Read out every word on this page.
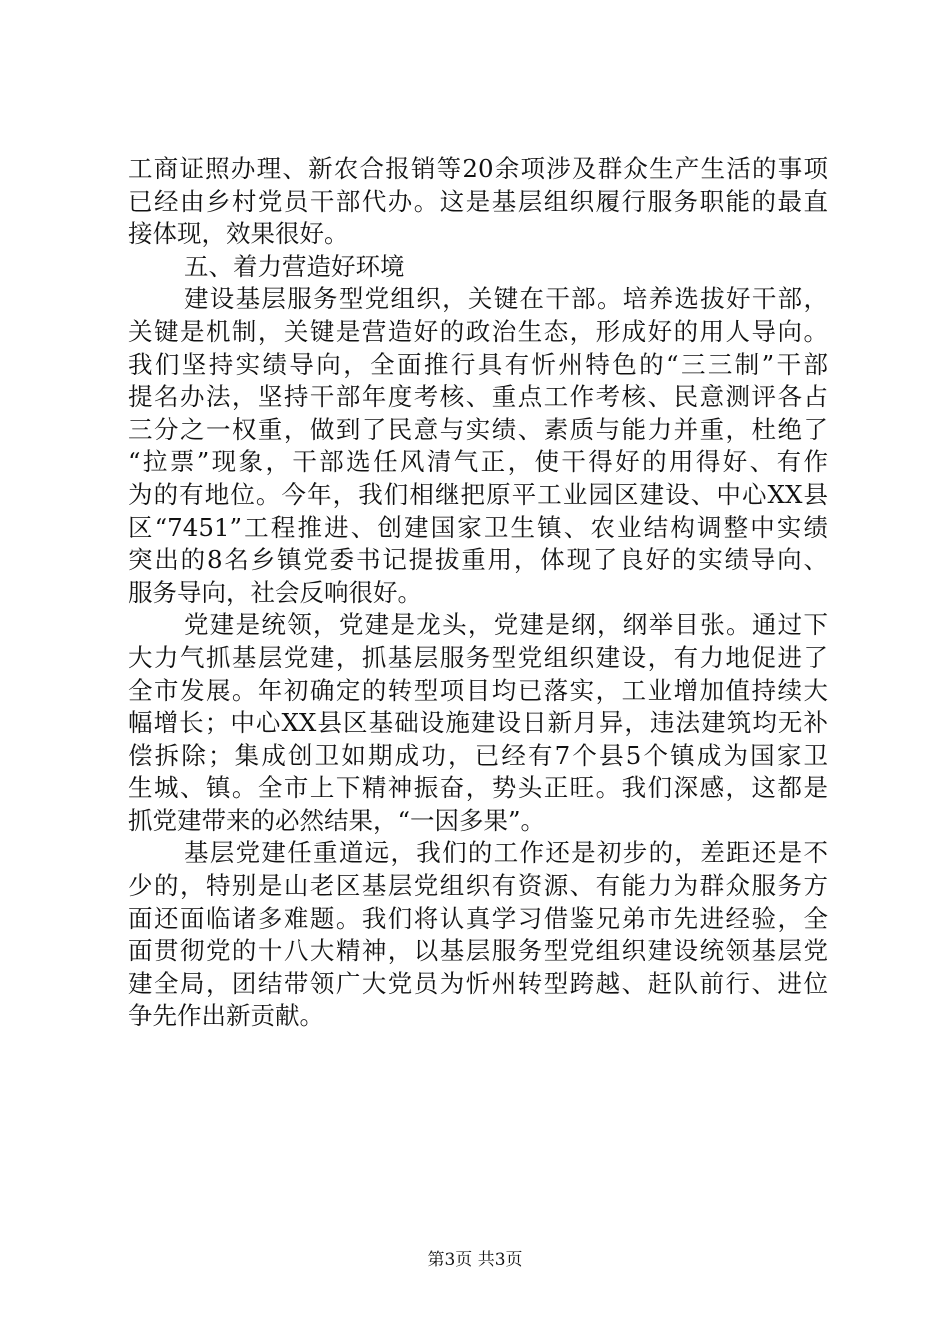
工商证照办理、新农合报销等20余项涉及群众生产生活的事项
已经由乡村党员干部代办。这是基层组织履行服务职能的最直
接体现，效果很好。
五、着力营造好环境
建设基层服务型党组织，关键在干部。培养选拔好干部，
关键是机制，关键是营造好的政治生态，形成好的用人导向。
我们坚持实绩导向，全面推行具有忻州特色的“三三制”干部
提名办法，坚持干部年度考核、重点工作考核、民意测评各占
三分之一权重，做到了民意与实绩、素质与能力并重，杜绝了
“拉票”现象，干部选任风清气正，使干得好的用得好、有作
为的有地位。今年，我们相继把原平工业园区建设、中心XX县
区“7451”工程推进、创建国家卫生镇、农业结构调整中实绩
突出的8名乡镇党委书记提拔重用，体现了良好的实绩导向、
服务导向，社会反响很好。
党建是统领，党建是龙头，党建是纲，纲举目张。通过下
大力气抓基层党建，抓基层服务型党组织建设，有力地促进了
全市发展。年初确定的转型项目均已落实，工业增加值持续大
幅增长；中心XX县区基础设施建设日新月异，违法建筑均无补
偿拆除；集成创卫如期成功，已经有7个县5个镇成为国家卫
生城、镇。全市上下精神振奋，势头正旺。我们深感，这都是
抓党建带来的必然结果，“一因多果”。
基层党建任重道远，我们的工作还是初步的，差距还是不
少的，特别是山老区基层党组织有资源、有能力为群众服务方
面还面临诸多难题。我们将认真学习借鉴兄弟市先进经验，全
面贯彻党的十八大精神，以基层服务型党组织建设统领基层党
建全局，团结带领广大党员为忻州转型跨越、赶队前行、进位
争先作出新贡献。
第3页 共3页
